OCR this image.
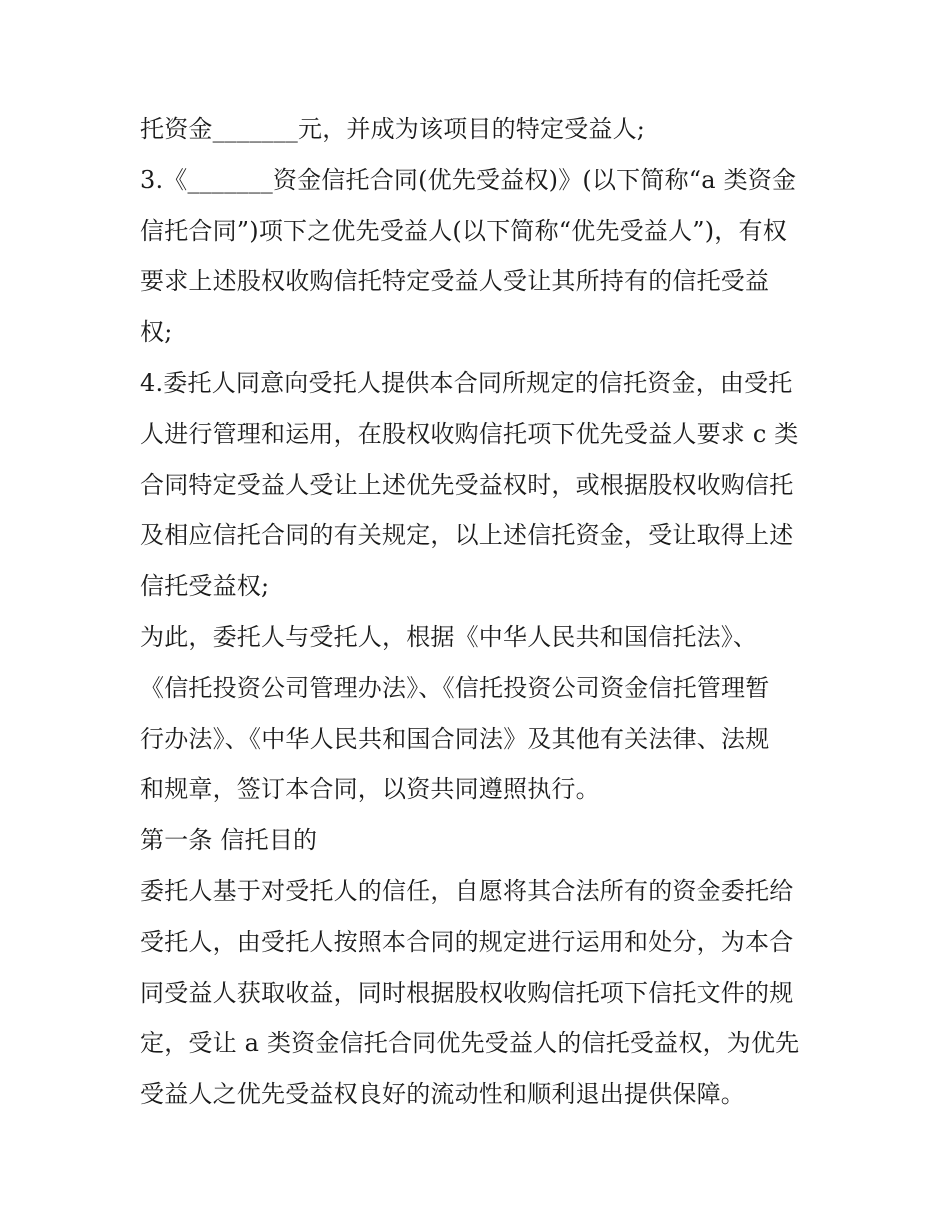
托资金_______元，并成为该项目的特定受益人;
3.《_______资金信托合同(优先受益权)》(以下简称“a 类资金
信托合同”)项下之优先受益人(以下简称“优先受益人”)，有权
要求上述股权收购信托特定受益人受让其所持有的信托受益
权;
4.委托人同意向受托人提供本合同所规定的信托资金，由受托
人进行管理和运用，在股权收购信托项下优先受益人要求 c 类
合同特定受益人受让上述优先受益权时，或根据股权收购信托
及相应信托合同的有关规定，以上述信托资金，受让取得上述
信托受益权;
为此，委托人与受托人，根据《中华人民共和国信托法》、
《信托投资公司管理办法》、《信托投资公司资金信托管理暂
行办法》、《中华人民共和国合同法》及其他有关法律、法规
和规章，签订本合同，以资共同遵照执行。
第一条 信托目的
委托人基于对受托人的信任，自愿将其合法所有的资金委托给
受托人，由受托人按照本合同的规定进行运用和处分，为本合
同受益人获取收益，同时根据股权收购信托项下信托文件的规
定，受让 a 类资金信托合同优先受益人的信托受益权，为优先
受益人之优先受益权良好的流动性和顺利退出提供保障。
